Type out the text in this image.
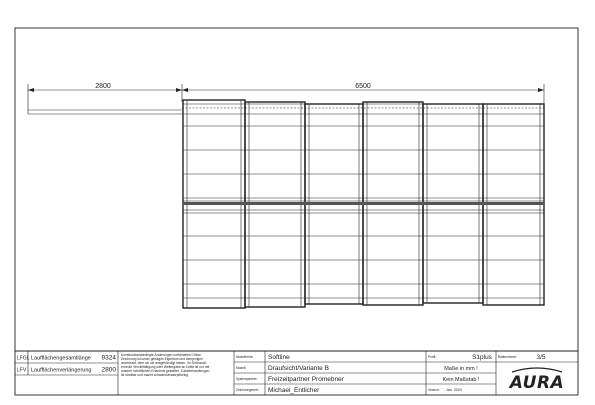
2800	6500
LFGL Laufflächengesamtlänge 9324
LFV Laufflächenverlängerung 2800
Konstruktionsbedingte Änderungen vorbehalten! Diese
Zeichnung ist unser geistiges Eigentum und demjenigen
anvertraut, dem wir sie ausgehändigt haben. Ihr Gebrauch,
erneute Vervielfältigung oder Weitergabe an Dritte ist nur mit
unserer schriftlichen Erlaubnis gestattet. Zuwiderhandlungen
ist strafbar und macht schadensersatzpflichtig.
Modellreihe: Softline
Modell:	Draufsicht/Variante B
Systempartner: Freizeitpartner Promebner
Zeichnungsverf.: Michael_Entlicher
Profil:	S1plus Blattnummer:	3/5
Maße in mm !
Kein Maßstab !
Version: Jan. 2024	AURA
